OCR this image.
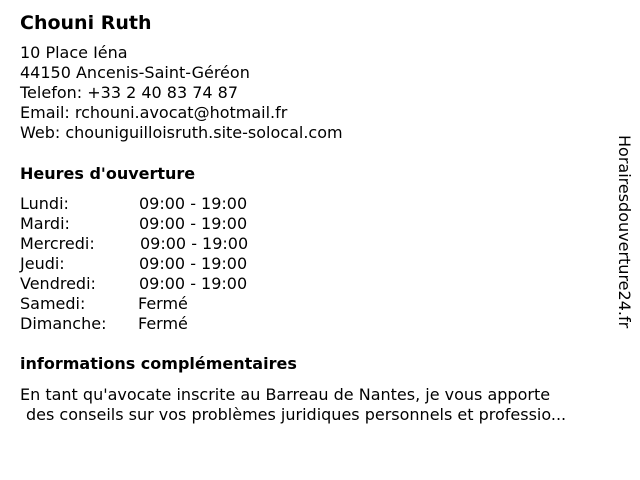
Chouni Ruth
10 Place Iéna
44150 Ancenis-Saint-Géréon
Telefon: +33 2 40 83 74 87
Email: rchouni.avocat@hotmail.fr
Web: chouniguilloisruth.site-solocal.com
Heures d'ouverture
Lundi:	09:00 - 19:00
Mardi:	09:00 - 19:00
Mercredi:	09:00 - 19:00
Jeudi:	09:00 - 19:00
Vendredi:	09:00 - 19:00
Samedi:	Fermé
Dimanche: Fermé
informations complémentaires
En tant qu'avocate inscrite au Barreau de Nantes, je vous apporte
des conseils sur vos problèmes juridiques personnels et professio...
Horairesdouverture24.fr
